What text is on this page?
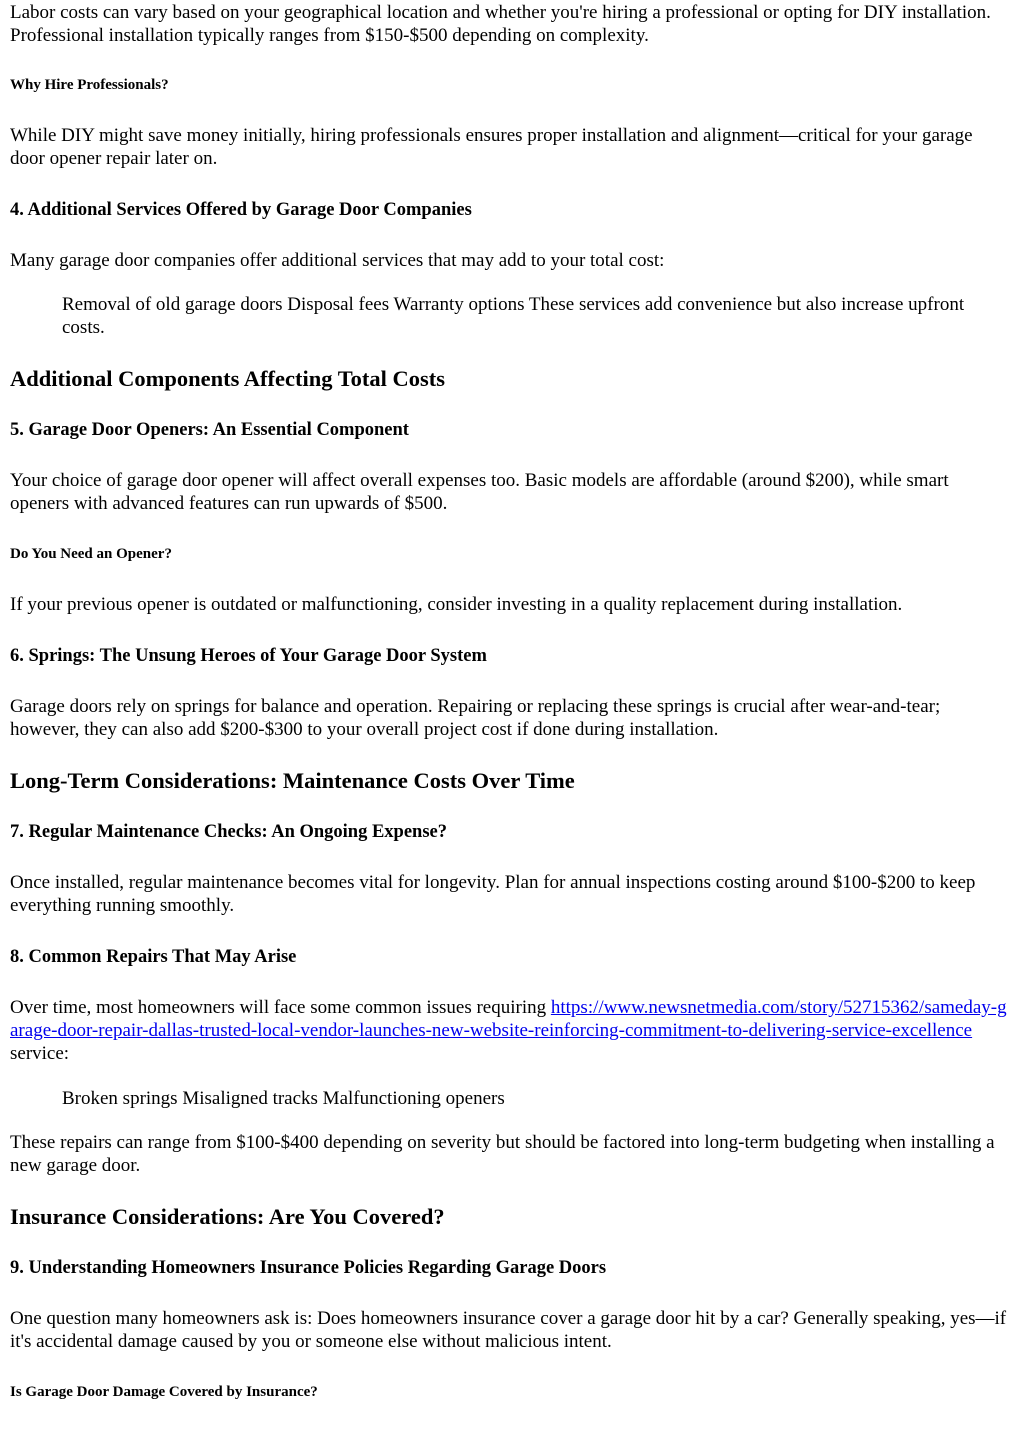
Labor costs can vary based on your geographical location and whether you're hiring a professional or opting for DIY installation. Professional installation typically ranges from $150-$500 depending on complexity.

Why Hire Professionals?

While DIY might save money initially, hiring professionals ensures proper installation and alignment—critical for your garage door opener repair later on.

4. Additional Services Offered by Garage Door Companies

Many garage door companies offer additional services that may add to your total cost:

Removal of old garage doors Disposal fees Warranty options These services add convenience but also increase upfront costs.
Additional Components Affecting Total Costs
5. Garage Door Openers: An Essential Component

Your choice of garage door opener will affect overall expenses too. Basic models are affordable (around $200), while smart openers with advanced features can run upwards of $500.

Do You Need an Opener?

If your previous opener is outdated or malfunctioning, consider investing in a quality replacement during installation.

6. Springs: The Unsung Heroes of Your Garage Door System

Garage doors rely on springs for balance and operation. Repairing or replacing these springs is crucial after wear-and-tear; however, they can also add $200-$300 to your overall project cost if done during installation.

Long-Term Considerations: Maintenance Costs Over Time
7. Regular Maintenance Checks: An Ongoing Expense?

Once installed, regular maintenance becomes vital for longevity. Plan for annual inspections costing around $100-$200 to keep everything running smoothly.

8. Common Repairs That May Arise

Over time, most homeowners will face some common issues requiring https://www.newsnetmedia.com/story/52715362/sameday-garage-door-repair-dallas-trusted-local-vendor-launches-new-website-reinforcing-commitment-to-delivering-service-excellence service:

Broken springs Misaligned tracks Malfunctioning openers

These repairs can range from $100-$400 depending on severity but should be factored into long-term budgeting when installing a new garage door.

Insurance Considerations: Are You Covered?
9. Understanding Homeowners Insurance Policies Regarding Garage Doors

One question many homeowners ask is: Does homeowners insurance cover a garage door hit by a car? Generally speaking, yes—if it's accidental damage caused by you or someone else without malicious intent.

Is Garage Door Damage Covered by Insurance?
